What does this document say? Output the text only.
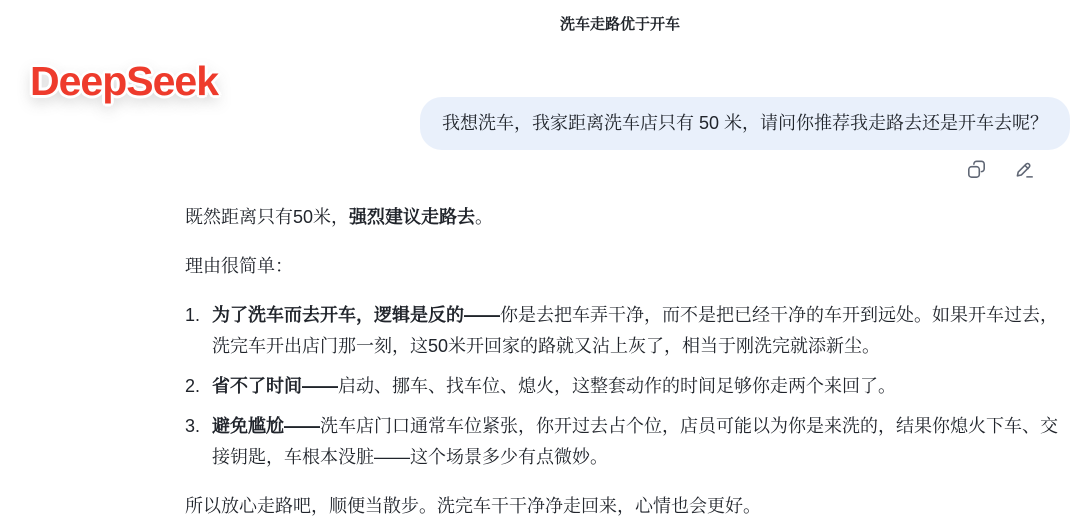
洗车走路优于开车
DeepSeek
我想洗车，我家距离洗车店只有 50 米，请问你推荐我走路去还是开车去呢？

既然距离只有50米，强烈建议走路去。

理由很简单：

1. 为了洗车而去开车，逻辑是反的——你是去把车弄干净，而不是把已经干净的车开到远处。如果开车过去，洗完车开出店门那一刻，这50米开回家的路就又沾上灰了，相当于刚洗完就添新尘。
2. 省不了时间——启动、挪车、找车位、熄火，这整套动作的时间足够你走两个来回了。
3. 避免尴尬——洗车店门口通常车位紧张，你开过去占个位，店员可能以为你是来洗的，结果你熄火下车、交接钥匙，车根本没脏——这个场景多少有点微妙。

所以放心走路吧，顺便当散步。洗完车干干净净走回来，心情也会更好。
